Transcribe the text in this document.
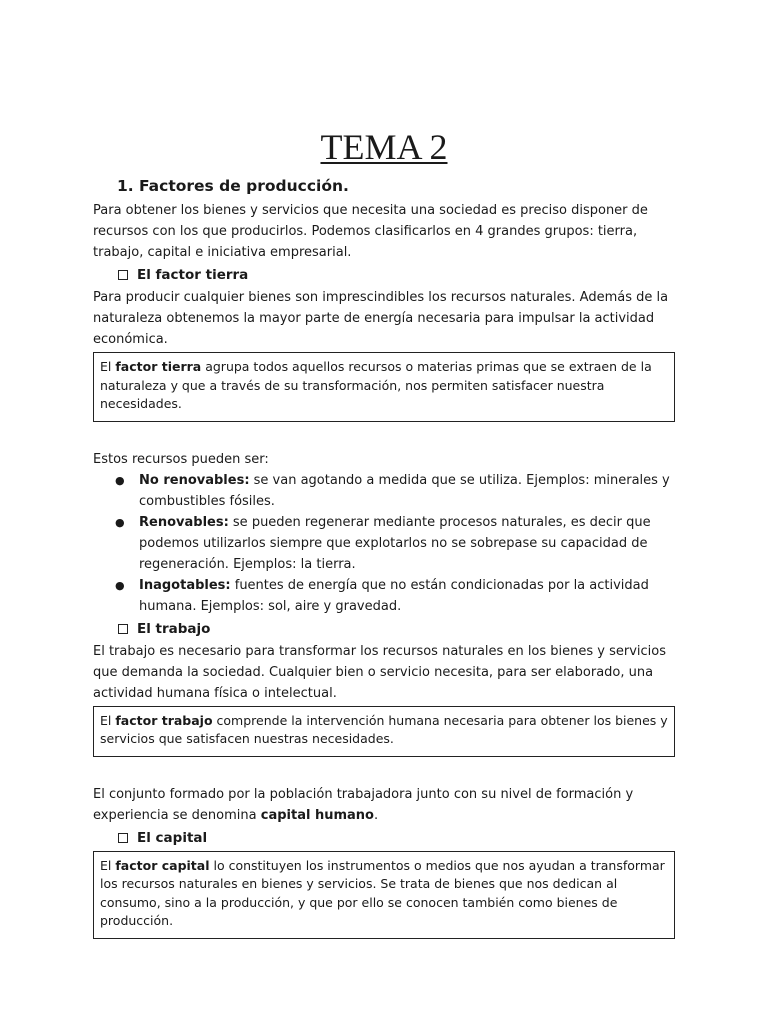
TEMA 2
1. Factores de producción.

Para obtener los bienes y servicios que necesita una sociedad es preciso disponer de recursos con los que producirlos. Podemos clasificarlos en 4 grandes grupos: tierra, trabajo, capital e iniciativa empresarial.

El factor tierra

Para producir cualquier bienes son imprescindibles los recursos naturales. Además de la naturaleza obtenemos la mayor parte de energía necesaria para impulsar la actividad económica.

El factor tierra agrupa todos aquellos recursos o materias primas que se extraen de la naturaleza y que a través de su transformación, nos permiten satisfacer nuestra necesidades.

Estos recursos pueden ser:

● No renovables: se van agotando a medida que se utiliza. Ejemplos: minerales y combustibles fósiles.
● Renovables: se pueden regenerar mediante procesos naturales, es decir que podemos utilizarlos siempre que explotarlos no se sobrepase su capacidad de regeneración. Ejemplos: la tierra.
● Inagotables: fuentes de energía que no están condicionadas por la actividad humana. Ejemplos: sol, aire y gravedad.
El trabajo

El trabajo es necesario para transformar los recursos naturales en los bienes y servicios que demanda la sociedad. Cualquier bien o servicio necesita, para ser elaborado, una actividad humana física o intelectual.

El factor trabajo comprende la intervención humana necesaria para obtener los bienes y servicios que satisfacen nuestras necesidades.

El conjunto formado por la población trabajadora junto con su nivel de formación y experiencia se denomina capital humano.

El capital
El factor capital lo constituyen los instrumentos o medios que nos ayudan a transformar los recursos naturales en bienes y servicios. Se trata de bienes que nos dedican al consumo, sino a la producción, y que por ello se conocen también como bienes de producción.
